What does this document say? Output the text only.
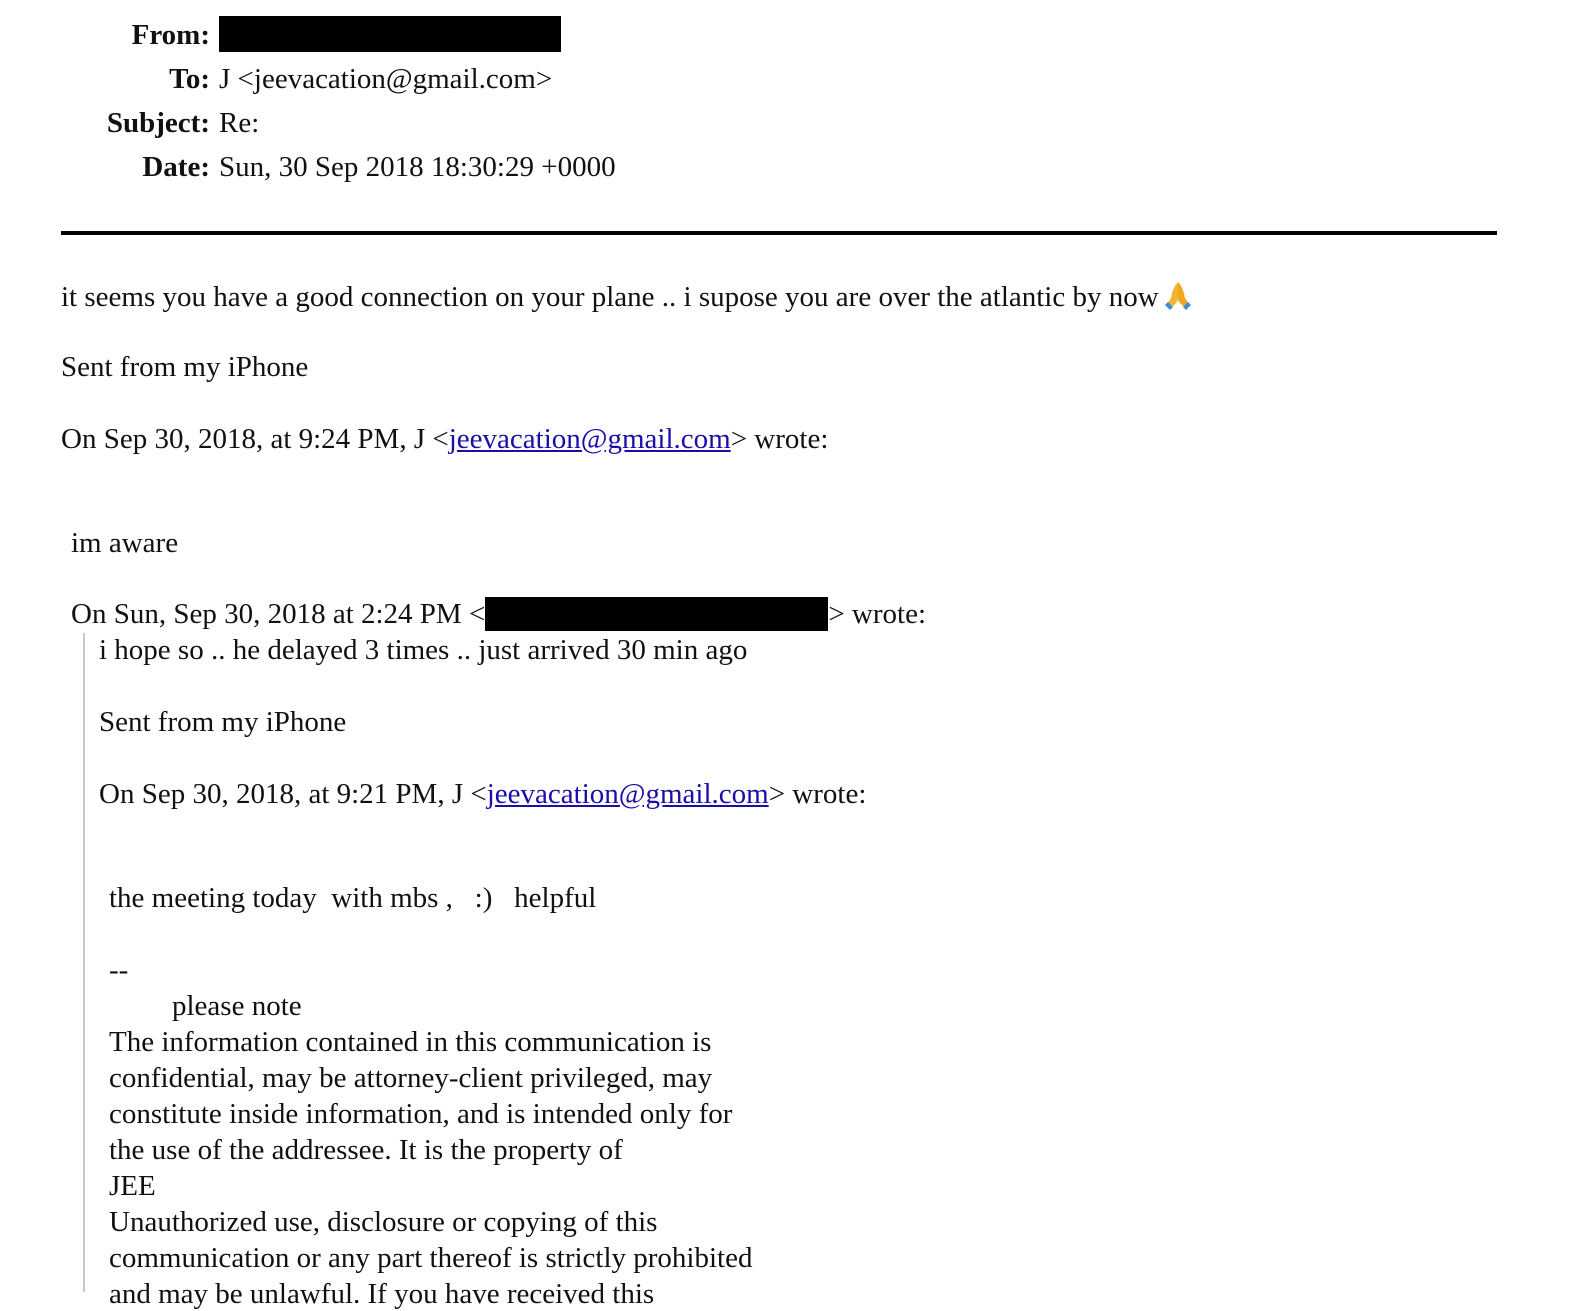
From:
To: J <jeevacation@gmail.com>
Subject: Re:
Date: Sun, 30 Sep 2018 18:30:29 +0000
it seems you have a good connection on your plane .. i supose you are over the atlantic by now
Sent from my iPhone
On Sep 30, 2018, at 9:24 PM, J <jeevacation@gmail.com> wrote:
im aware
On Sun, Sep 30, 2018 at 2:24 PM <	> wrote:
i hope so .. he delayed 3 times .. just arrived 30 min ago
Sent from my iPhone
On Sep 30, 2018, at 9:21 PM, J <jeevacation@gmail.com> wrote:
the meeting today  with mbs ,   :)   helpful
--
please note
The information contained in this communication is
confidential, may be attorney-client privileged, may
constitute inside information, and is intended only for
the use of the addressee. It is the property of
JEE
Unauthorized use, disclosure or copying of this
communication or any part thereof is strictly prohibited
and may be unlawful. If you have received this
